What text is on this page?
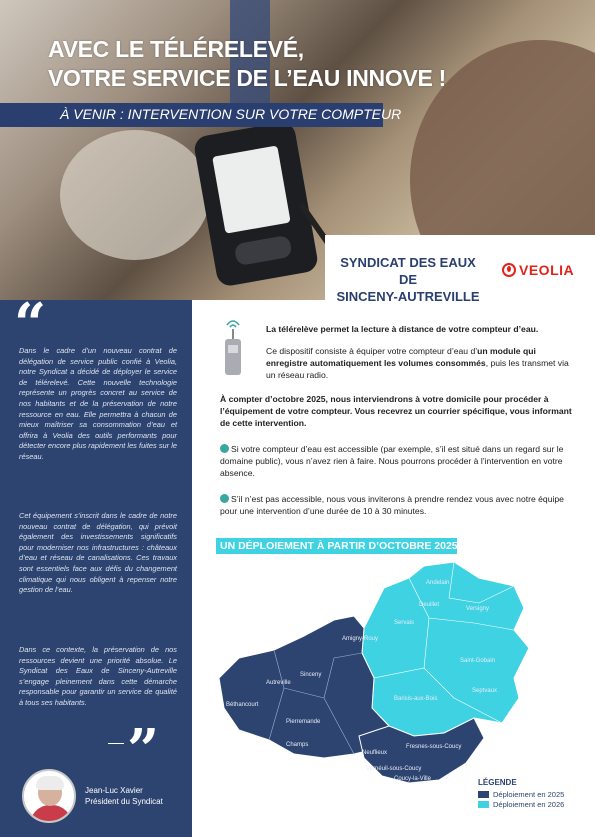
AVEC LE TÉLÉRELEVÉ,
VOTRE SERVICE DE L’EAU INNOVE !

À VENIR : INTERVENTION SUR VOTRE COMPTEUR

SYNDICAT DES EAUX DE
SINCENY-AUTREVILLE
VEOLIA
“

Dans le cadre d’un nouveau contrat de délégation de service public confié à Veolia, notre Syndicat a décidé de déployer le service de télérelevé. Cette nouvelle technologie représente un progrès concret au service de nos habitants et de la préservation de notre ressource en eau. Elle permettra à chacun de mieux maîtriser sa consommation d’eau et offrira à Veolia des outils performants pour détecter encore plus rapidement les fuites sur le réseau.

Cet équipement s’inscrit dans le cadre de notre nouveau contrat de délégation, qui prévoit également des investissements significatifs pour moderniser nos infrastructures : châteaux d’eau et réseau de canalisations. Ces travaux sont essentiels face aux défis du changement climatique qui nous obligent à repenser notre gestion de l’eau.

Dans ce contexte, la préservation de nos ressources devient une priorité absolue. Le Syndicat des Eaux de Sinceny-Autreville s’engage pleinement dans cette démarche responsable pour garantir un service de qualité à tous ses habitants.

”

Jean-Luc Xavier

Président du Syndicat

La télérelève permet la lecture à distance de votre compteur d’eau.

Ce dispositif consiste à équiper votre compteur d’eau d’un module qui enregistre automatiquement les volumes consommés, puis les transmet via un réseau radio.

À compter d’octobre 2025, nous interviendrons à votre domicile pour procéder à l’équipement de votre compteur. Vous recevrez un courrier spécifique, vous informant de cette intervention.

Si votre compteur d’eau est accessible (par exemple, s’il est situé dans un regard sur le domaine public), vous n’avez rien à faire. Nous pourrons procéder à l’intervention en votre absence.

S’il n’est pas accessible, nous vous inviterons à prendre rendez vous avec notre équipe pour une intervention d’une durée de 10 à 30 minutes.

UN DÉPLOIEMENT À PARTIR D’OCTOBRE 2025

Amigny-Rouy
Autreville
Sinceny
Béthancourt
Pierremande
Champs
Neuflieux
Vernéuil-sous-Coucy
Coucy-la-Ville
Fresnes-sous-Coucy
Andelain
Deuillet
Servais
Versigny
Saint-Gobain
Barisis-aux-Bois
Septvaux

LÉGENDE

Déploiement en 2025
Déploiement en 2026
